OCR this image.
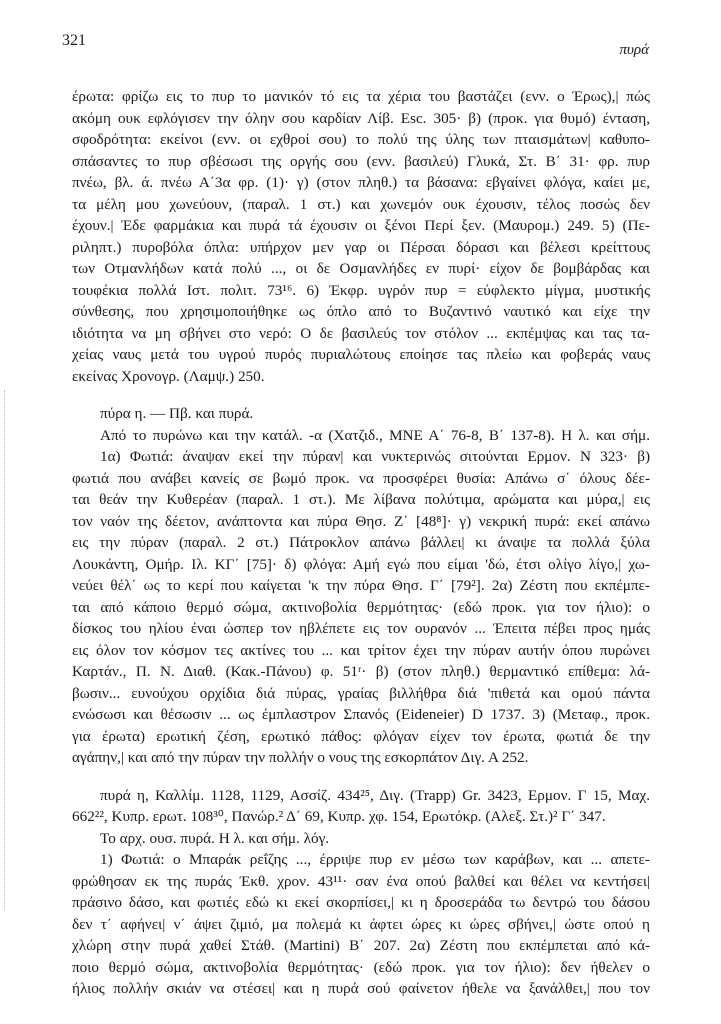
321
πυρά
έρωτα: φρίζω εις το πυρ το μανικόν τό εις τα χέρια του βαστάζει (ενν. ο Έρως),| πώς
ακόμη ουκ εφλόγισεν την όλην σου καρδίαν Λίβ. Esc. 305· β) (προκ. για θυμό) ένταση,
σφοδρότητα: εκείνοι (ενν. οι εχθροί σου) το πολύ της ύλης των πταισμάτων| καθυπο-
σπάσαντες το πυρ σβέσωσι της οργής σου (ενν. βασιλεύ) Γλυκά, Στ. Β΄ 31· φρ. πυρ
πνέω, βλ. ά. πνέω Α΄3α φρ. (1)· γ) (στον πληθ.) τα βάσανα: εβγαίνει φλόγα, καίει με,
τα μέλη μου χωνεύουν, (παραλ. 1 στ.) και χωνεμόν ουκ έχουσιν, τέλος ποσώς δεν
έχουν.| Έδε φαρμάκια και πυρά τά έχουσιν οι ξένοι Περί ξεν. (Μαυρομ.) 249. 5) (Πε-
ριληπτ.) πυροβόλα όπλα: υπήρχον μεν γαρ οι Πέρσαι δόρασι και βέλεσι κρείττους
των Οτμανλήδων κατά πολύ ..., οι δε Οσμανλήδες εν πυρί· είχον δε βομβάρδας και
τουφέκια πολλά Ιστ. πολιτ. 73¹⁶. 6) Έκφρ. υγρόν πυρ = εύφλεκτο μίγμα, μυστικής
σύνθεσης, που χρησιμοποιήθηκε ως όπλο από το Βυζαντινό ναυτικό και είχε την
ιδιότητα να μη σβήνει στο νερό: Ο δε βασιλεύς τον στόλον ... εκπέμψας και τας τα-
χείας ναυς μετά του υγρού πυρός πυριαλώτους εποίησε τας πλείω και φοβεράς ναυς
εκείνας Χρονογρ. (Λαμψ.) 250.
πύρα η. — Πβ. και πυρά.
Από το πυρώνω και την κατάλ. -α (Χατζιδ., ΜΝΕ Α΄ 76-8, Β΄ 137-8). Η λ. και σήμ.
1α) Φωτιά: άναψαν εκεί την πύραν| και νυκτερινώς σιτούνται Ερμον. Ν 323· β)
φωτιά που ανάβει κανείς σε βωμό προκ. να προσφέρει θυσία: Απάνω σ΄ όλους δέε-
ται θεάν την Κυθερέαν (παραλ. 1 στ.). Με λίβανα πολύτιμα, αρώματα και μύρα,| εις
τον ναόν της δέετον, ανάπτοντα και πύρα Θησ. Ζ΄ [48⁸]· γ) νεκρική πυρά: εκεί απάνω
εις την πύραν (παραλ. 2 στ.) Πάτροκλον απάνω βάλλει| κι άναψε τα πολλά ξύλα
Λουκάντη, Ομήρ. Ιλ. ΚΓ΄ [75]· δ) φλόγα: Αμή εγώ που είμαι 'δώ, έτσι ολίγο λίγο,| χω-
νεύει θέλ΄ ως το κερί που καίγεται 'κ την πύρα Θησ. Γ΄ [79²]. 2α) Ζέστη που εκπέμπε-
ται από κάποιο θερμό σώμα, ακτινοβολία θερμότητας· (εδώ προκ. για τον ήλιο): ο
δίσκος του ηλίου έναι ώσπερ τον ηβλέπετε εις τον ουρανόν ... Έπειτα πέβει προς ημάς
εις όλον τον κόσμον τες ακτίνες του ... και τρίτον έχει την πύραν αυτήν όπου πυρώνει
Καρτάν., Π. Ν. Διαθ. (Κακ.-Πάνου) φ. 51ʳ· β) (στον πληθ.) θερμαντικό επίθεμα: λά-
βωσιν... ευνούχου ορχίδια διά πύρας, γραίας βιλλήθρα διά 'πιθετά και ομού πάντα
ενώσωσι και θέσωσιν ... ως έμπλαστρον Σπανός (Eideneier) D 1737. 3) (Μεταφ., προκ.
για έρωτα) ερωτική ζέση, ερωτικό πάθος: φλόγαν είχεν τον έρωτα, φωτιά δε την
αγάπην,| και από την πύραν την πολλήν ο νους της εσκορπάτον Διγ. Α 252.
πυρά η, Καλλίμ. 1128, 1129, Ασσίζ. 434²⁵, Διγ. (Trapp) Gr. 3423, Ερμον. Γ 15, Μαχ.
662²², Κυπρ. ερωτ. 108³⁰, Πανώρ.² Δ΄ 69, Κυπρ. χφ. 154, Ερωτόκρ. (Αλεξ. Στ.)² Γ΄ 347.
Το αρχ. ουσ. πυρά. Η λ. και σήμ. λόγ.
1) Φωτιά: ο Μπαράκ ρεΐζης ..., έρριψε πυρ εν μέσω των καράβων, και ... απετε-
φρώθησαν εκ της πυράς Έκθ. χρον. 43¹¹· σαν ένα οπού βαλθεί και θέλει να κεντήσει|
πράσινο δάσο, και φωτιές εδώ κι εκεί σκορπίσει,| κι η δροσεράδα τω δεντρώ του δάσου
δεν τ΄ αφήνει| ν΄ άψει ζιμιό, μα πολεμά κι άφτει ώρες κι ώρες σβήνει,| ώστε οπού η
χλώρη στην πυρά χαθεί Στάθ. (Martini) Β΄ 207. 2α) Ζέστη που εκπέμπεται από κά-
ποιο θερμό σώμα, ακτινοβολία θερμότητας· (εδώ προκ. για τον ήλιο): δεν ήθελεν ο
ήλιος πολλήν σκιάν να στέσει| και η πυρά σού φαίνετον ήθελε να ξανάλθει,| που τον
